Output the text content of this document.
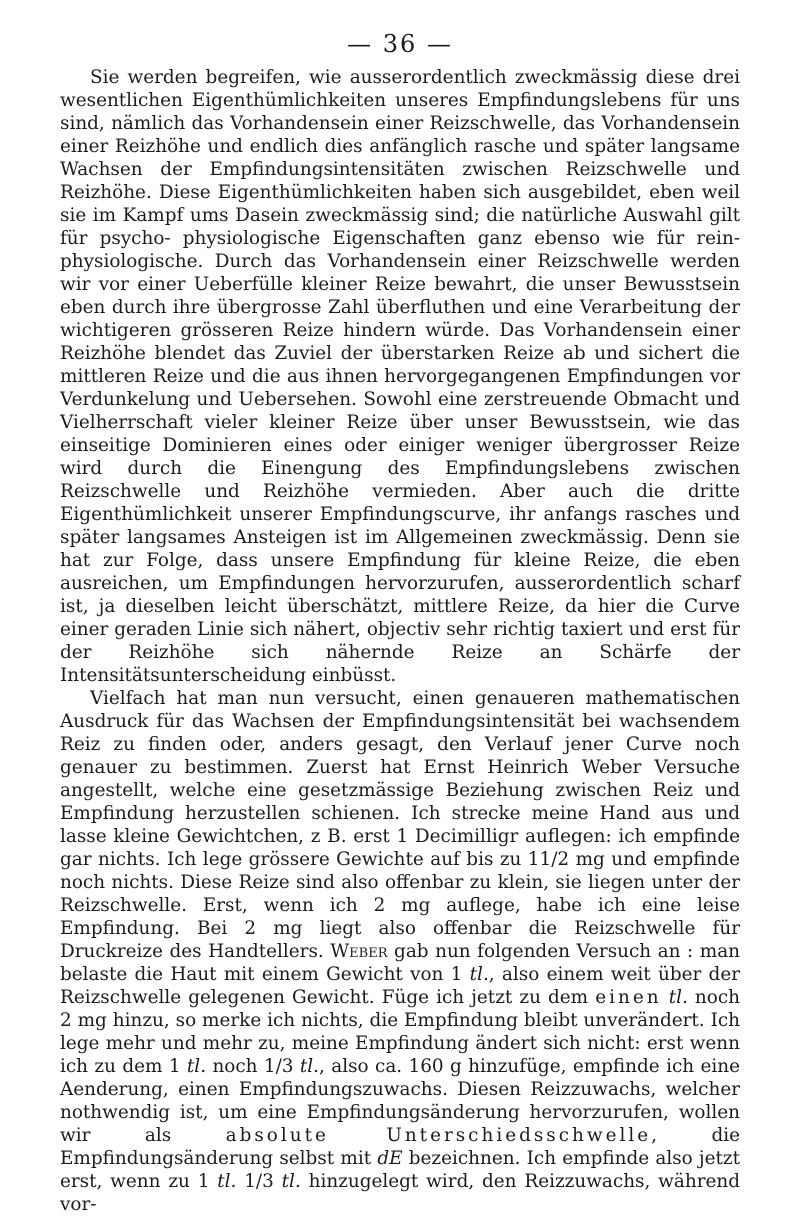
— 36 —

Sie werden begreifen, wie ausserordentlich zweckmässig diese drei wesentlichen Eigenthümlichkeiten unseres Empfindungslebens für uns sind, nämlich das Vorhandensein einer Reizschwelle, das Vorhandensein einer Reizhöhe und endlich dies anfänglich rasche und später langsame Wachsen der Empfindungsintensitäten zwischen Reizschwelle und Reizhöhe. Diese Eigenthümlichkeiten haben sich ausgebildet, eben weil sie im Kampf ums Dasein zweckmässig sind; die natürliche Auswahl gilt für psycho- physiologische Eigenschaften ganz ebenso wie für rein-physiologische. Durch das Vorhandensein einer Reizschwelle werden wir vor einer Ueberfülle kleiner Reize bewahrt, die unser Bewusstsein eben durch ihre übergrosse Zahl überfluthen und eine Verarbeitung der wichtigeren grösseren Reize hindern würde. Das Vorhandensein einer Reizhöhe blendet das Zuviel der überstarken Reize ab und sichert die mittleren Reize und die aus ihnen hervorgegangenen Empfindungen vor Verdunkelung und Uebersehen. Sowohl eine zerstreuende Obmacht und Vielherrschaft vieler kleiner Reize über unser Bewusstsein, wie das einseitige Dominieren eines oder einiger weniger übergrosser Reize wird durch die Einengung des Empfindungslebens zwischen Reizschwelle und Reizhöhe vermieden. Aber auch die dritte Eigenthümlichkeit unserer Empfindungscurve, ihr anfangs rasches und später langsames Ansteigen ist im Allgemeinen zweckmässig. Denn sie hat zur Folge, dass unsere Empfindung für kleine Reize, die eben ausreichen, um Empfindungen hervorzurufen, ausserordentlich scharf ist, ja dieselben leicht überschätzt, mittlere Reize, da hier die Curve einer geraden Linie sich nähert, objectiv sehr richtig taxiert und erst für der Reizhöhe sich nähernde Reize an Schärfe der Intensitätsunterscheidung einbüsst.

Vielfach hat man nun versucht, einen genaueren mathematischen Ausdruck für das Wachsen der Empfindungsintensität bei wachsendem Reiz zu finden oder, anders gesagt, den Verlauf jener Curve noch genauer zu bestimmen. Zuerst hat Ernst Heinrich Weber Versuche angestellt, welche eine gesetzmässige Beziehung zwischen Reiz und Empfindung herzustellen schienen. Ich strecke meine Hand aus und lasse kleine Gewichtchen, z B. erst 1 Decimilligr auflegen: ich empfinde gar nichts. Ich lege grössere Gewichte auf bis zu 11/2 mg und empfinde noch nichts. Diese Reize sind also offenbar zu klein, sie liegen unter der Reizschwelle. Erst, wenn ich 2 mg auflege, habe ich eine leise Empfindung. Bei 2 mg liegt also offenbar die Reizschwelle für Druckreize des Handtellers. Weber gab nun folgenden Versuch an : man belaste die Haut mit einem Gewicht von 1 tl., also einem weit über der Reizschwelle gelegenen Gewicht. Füge ich jetzt zu dem einen tl. noch 2 mg hinzu, so merke ich nichts, die Empfindung bleibt unverändert. Ich lege mehr und mehr zu, meine Empfindung ändert sich nicht: erst wenn ich zu dem 1 tl. noch 1/3 tl., also ca. 160 g hinzufüge, empfinde ich eine Aenderung, einen Empfindungszuwachs. Diesen Reizzuwachs, welcher nothwendig ist, um eine Empfindungsänderung hervorzurufen, wollen wir als absolute Unterschiedsschwelle, die Empfindungsänderung selbst mit dE bezeichnen. Ich empfinde also jetzt erst, wenn zu 1 tl. 1/3 tl. hinzugelegt wird, den Reizzuwachs, während vor-
